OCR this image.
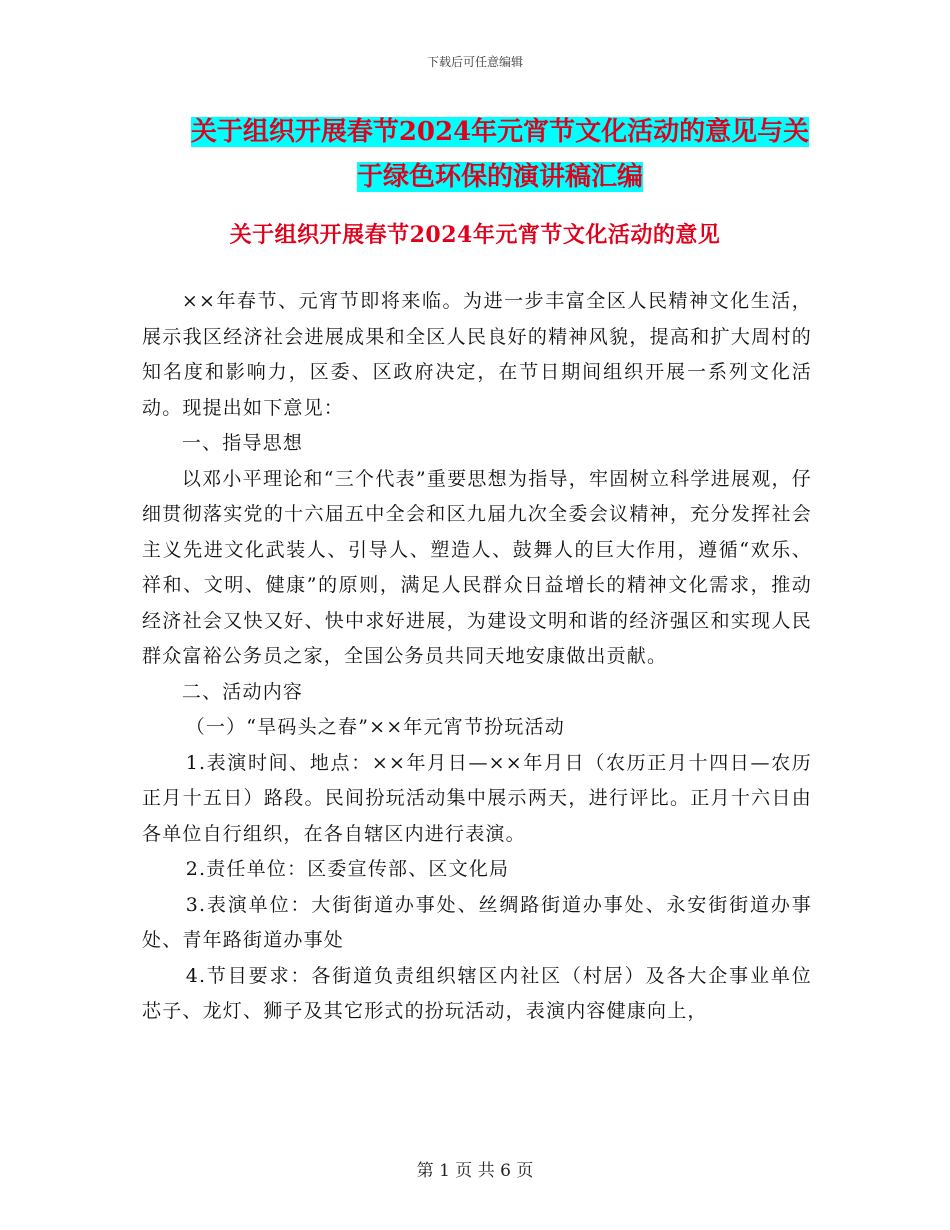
下载后可任意编辑
关于组织开展春节2024年元宵节文化活动的意见与关
于绿色环保的演讲稿汇编
关于组织开展春节2024年元宵节文化活动的意见

××年春节、元宵节即将来临。为进一步丰富全区人民精神文化生活，展示我区经济社会进展成果和全区人民良好的精神风貌，提高和扩大周村的知名度和影响力，区委、区政府决定，在节日期间组织开展一系列文化活动。现提出如下意见：

一、指导思想

以邓小平理论和“三个代表”重要思想为指导，牢固树立科学进展观，仔细贯彻落实党的十六届五中全会和区九届九次全委会议精神，充分发挥社会主义先进文化武装人、引导人、塑造人、鼓舞人的巨大作用，遵循“欢乐、祥和、文明、健康”的原则，满足人民群众日益增长的精神文化需求，推动经济社会又快又好、快中求好进展，为建设文明和谐的经济强区和实现人民群众富裕公务员之家，全国公务员共同天地安康做出贡献。

二、活动内容

（一）“旱码头之春”××年元宵节扮玩活动

1.表演时间、地点：××年月日—××年月日（农历正月十四日—农历正月十五日）路段。民间扮玩活动集中展示两天，进行评比。正月十六日由各单位自行组织，在各自辖区内进行表演。

2.责任单位：区委宣传部、区文化局

3.表演单位：大街街道办事处、丝绸路街道办事处、永安街街道办事处、青年路街道办事处

4.节目要求：各街道负责组织辖区内社区（村居）及各大企事业单位芯子、龙灯、狮子及其它形式的扮玩活动，表演内容健康向上，

第 1 页 共 6 页
